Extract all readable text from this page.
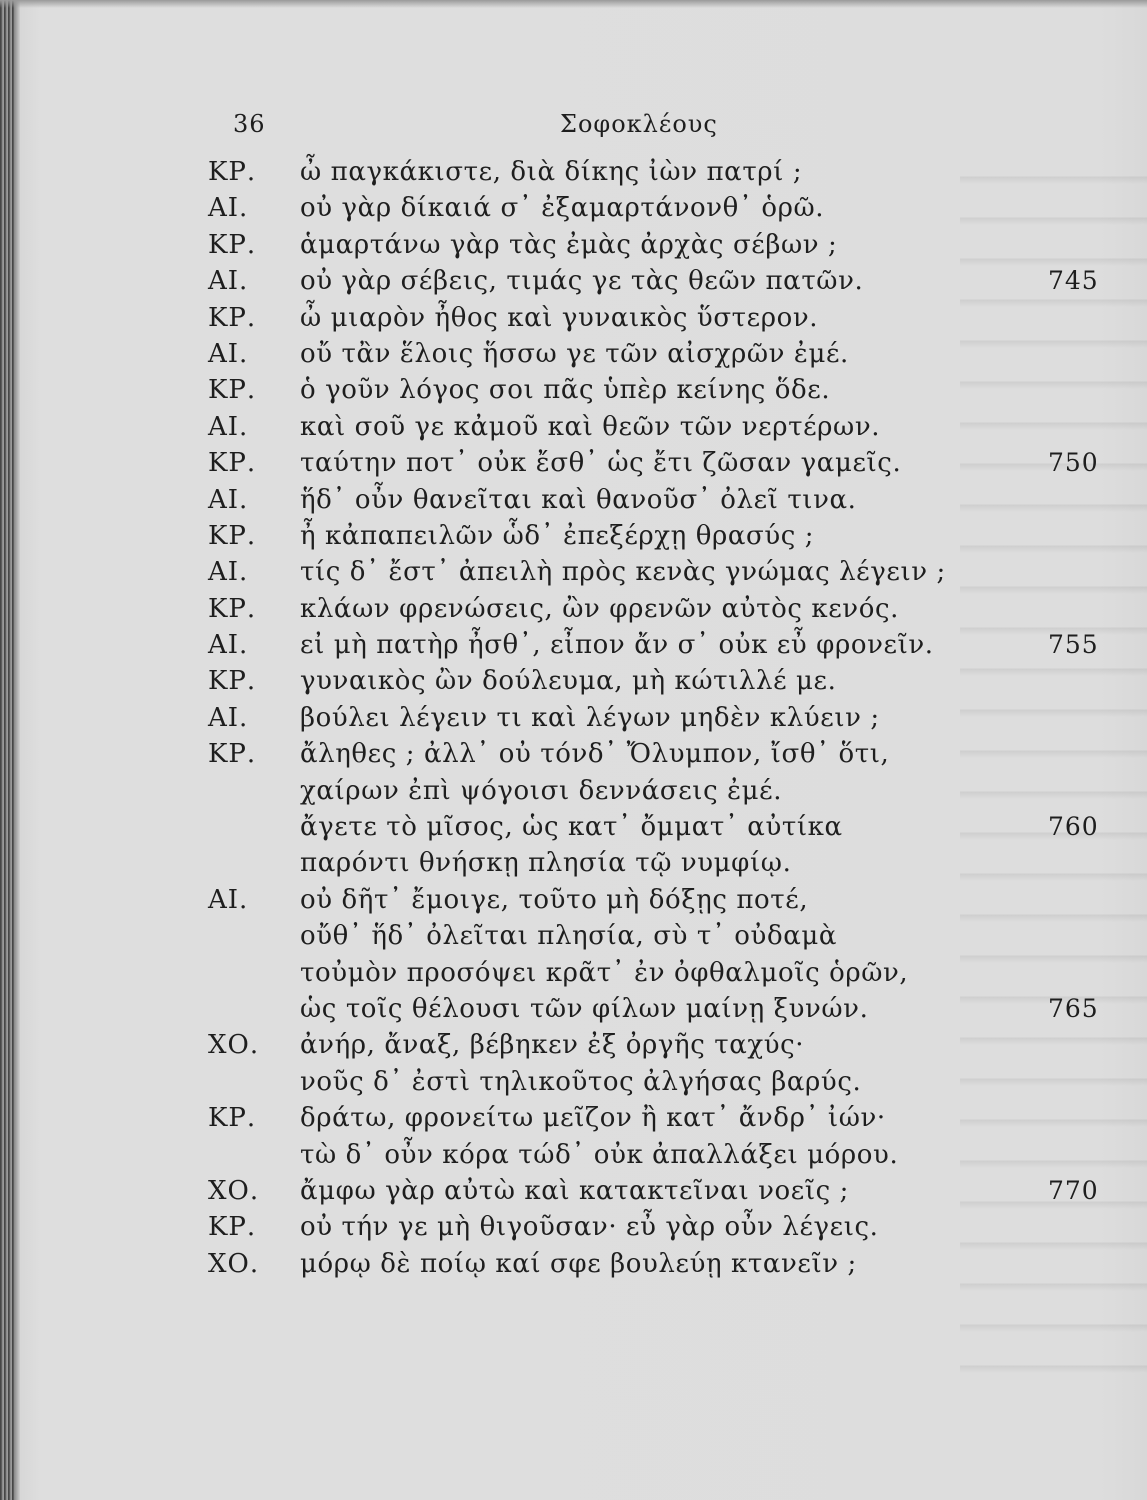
36	Σοφοκλέους
ΚΡ. ὦ παγκάκιστε, διὰ δίκης ἰὼν πατρί ;
ΑΙ. οὐ γὰρ δίκαιά σ᾿ ἐξαμαρτάνονθ᾿ ὁρῶ.
ΚΡ. ἁμαρτάνω γὰρ τὰς ἐμὰς ἀρχὰς σέβων ;
ΑΙ. οὐ γὰρ σέβεις, τιμάς γε τὰς θεῶν πατῶν.	745
ΚΡ. ὦ μιαρὸν ἦθος καὶ γυναικὸς ὕστερον.
ΑΙ. οὔ τἂν ἕλοις ἥσσω γε τῶν αἰσχρῶν ἐμέ.
ΚΡ. ὁ γοῦν λόγος σοι πᾶς ὑπὲρ κείνης ὅδε.
ΑΙ. καὶ σοῦ γε κἀμοῦ καὶ θεῶν τῶν νερτέρων.
ΚΡ. ταύτην ποτ᾿ οὐκ ἔσθ᾿ ὡς ἔτι ζῶσαν γαμεῖς.	750
ΑΙ. ἥδ᾿ οὖν θανεῖται καὶ θανοῦσ᾿ ὀλεῖ τινα.
ΚΡ. ἦ κἀπαπειλῶν ὧδ᾿ ἐπεξέρχῃ θρασύς ;
ΑΙ. τίς δ᾿ ἔστ᾿ ἀπειλὴ πρὸς κενὰς γνώμας λέγειν ;
ΚΡ. κλάων φρενώσεις, ὢν φρενῶν αὐτὸς κενός.
ΑΙ. εἰ μὴ πατὴρ ἦσθ᾿, εἶπον ἄν σ᾿ οὐκ εὖ φρονεῖν.	755
ΚΡ. γυναικὸς ὢν δούλευμα, μὴ κώτιλλέ με.
ΑΙ. βούλει λέγειν τι καὶ λέγων μηδὲν κλύειν ;
ΚΡ. ἄληθες ; ἀλλ᾿ οὐ τόνδ᾿ Ὄλυμπον, ἴσθ᾿ ὅτι,
χαίρων ἐπὶ ψόγοισι δεννάσεις ἐμέ.
ἄγετε τὸ μῖσος, ὡς κατ᾿ ὄμματ᾿ αὐτίκα	760
παρόντι θνήσκῃ πλησία τῷ νυμφίῳ.
ΑΙ. οὐ δῆτ᾿ ἔμοιγε, τοῦτο μὴ δόξῃς ποτέ,
οὔθ᾿ ἥδ᾿ ὀλεῖται πλησία, σὺ τ᾿ οὐδαμὰ
τοὐμὸν προσόψει κρᾶτ᾿ ἐν ὀφθαλμοῖς ὁρῶν,
ὡς τοῖς θέλουσι τῶν φίλων μαίνῃ ξυνών.	765
ΧΟ. ἀνήρ, ἄναξ, βέβηκεν ἐξ ὀργῆς ταχύς·
νοῦς δ᾿ ἐστὶ τηλικοῦτος ἀλγήσας βαρύς.
ΚΡ. δράτω, φρονείτω μεῖζον ἢ κατ᾿ ἄνδρ᾿ ἰών·
τὼ δ᾿ οὖν κόρα τώδ᾿ οὐκ ἀπαλλάξει μόρου.
ΧΟ. ἄμφω γὰρ αὐτὼ καὶ κατακτεῖναι νοεῖς ;	770
ΚΡ. οὐ τήν γε μὴ θιγοῦσαν· εὖ γὰρ οὖν λέγεις.
ΧΟ. μόρῳ δὲ ποίῳ καί σφε βουλεύῃ κτανεῖν ;
